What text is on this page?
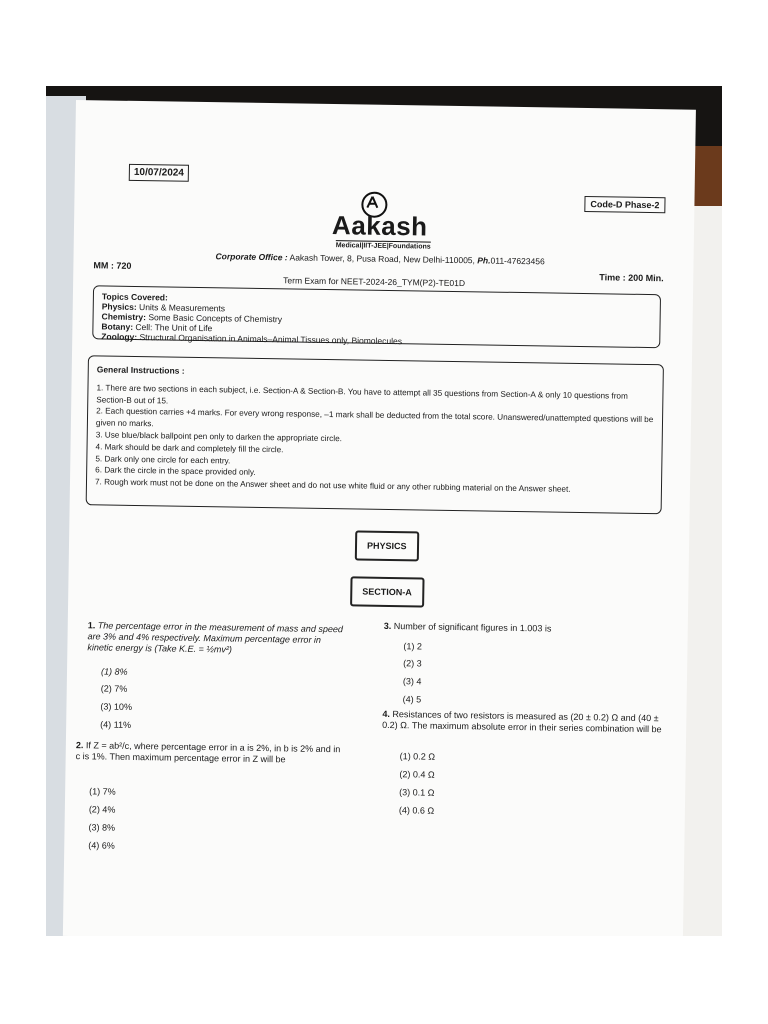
10/07/2024
Code-D Phase-2
Aakash
Medical|IIT-JEE|Foundations
Corporate Office : Aakash Tower, 8, Pusa Road, New Delhi-110005, Ph.011-47623456
MM : 720
Time : 200 Min.
Term Exam for NEET-2024-26_TYM(P2)-TE01D
Topics Covered:
Physics: Units & Measurements
Chemistry: Some Basic Concepts of Chemistry
Botany: Cell: The Unit of Life
Zoology: Structural Organisation in Animals–Animal Tissues only, Biomolecules
General Instructions :
1. There are two sections in each subject, i.e. Section-A & Section-B. You have to attempt all 35 questions from Section-A & only 10 questions from Section-B out of 15.
2. Each question carries +4 marks. For every wrong response, –1 mark shall be deducted from the total score. Unanswered/unattempted questions will be given no marks.
3. Use blue/black ballpoint pen only to darken the appropriate circle.
4. Mark should be dark and completely fill the circle.
5. Dark only one circle for each entry.
6. Dark the circle in the space provided only.
7. Rough work must not be done on the Answer sheet and do not use white fluid or any other rubbing material on the Answer sheet.
PHYSICS
SECTION-A
1. The percentage error in the measurement of mass and speed are 3% and 4% respectively. Maximum percentage error in kinetic energy is (Take K.E. = ½mv²)
(1) 8%
(2) 7%
(3) 10%
(4) 11%
2. If Z = ab²/c, where percentage error in a is 2%, in b is 2% and in c is 1%. Then maximum percentage error in Z will be
(1) 7%
(2) 4%
(3) 8%
(4) 6%
3. Number of significant figures in 1.003 is
(1) 2
(2) 3
(3) 4
(4) 5
4. Resistances of two resistors is measured as (20 ± 0.2) Ω and (40 ± 0.2) Ω. The maximum absolute error in their series combination will be
(1) 0.2 Ω
(2) 0.4 Ω
(3) 0.1 Ω
(4) 0.6 Ω
